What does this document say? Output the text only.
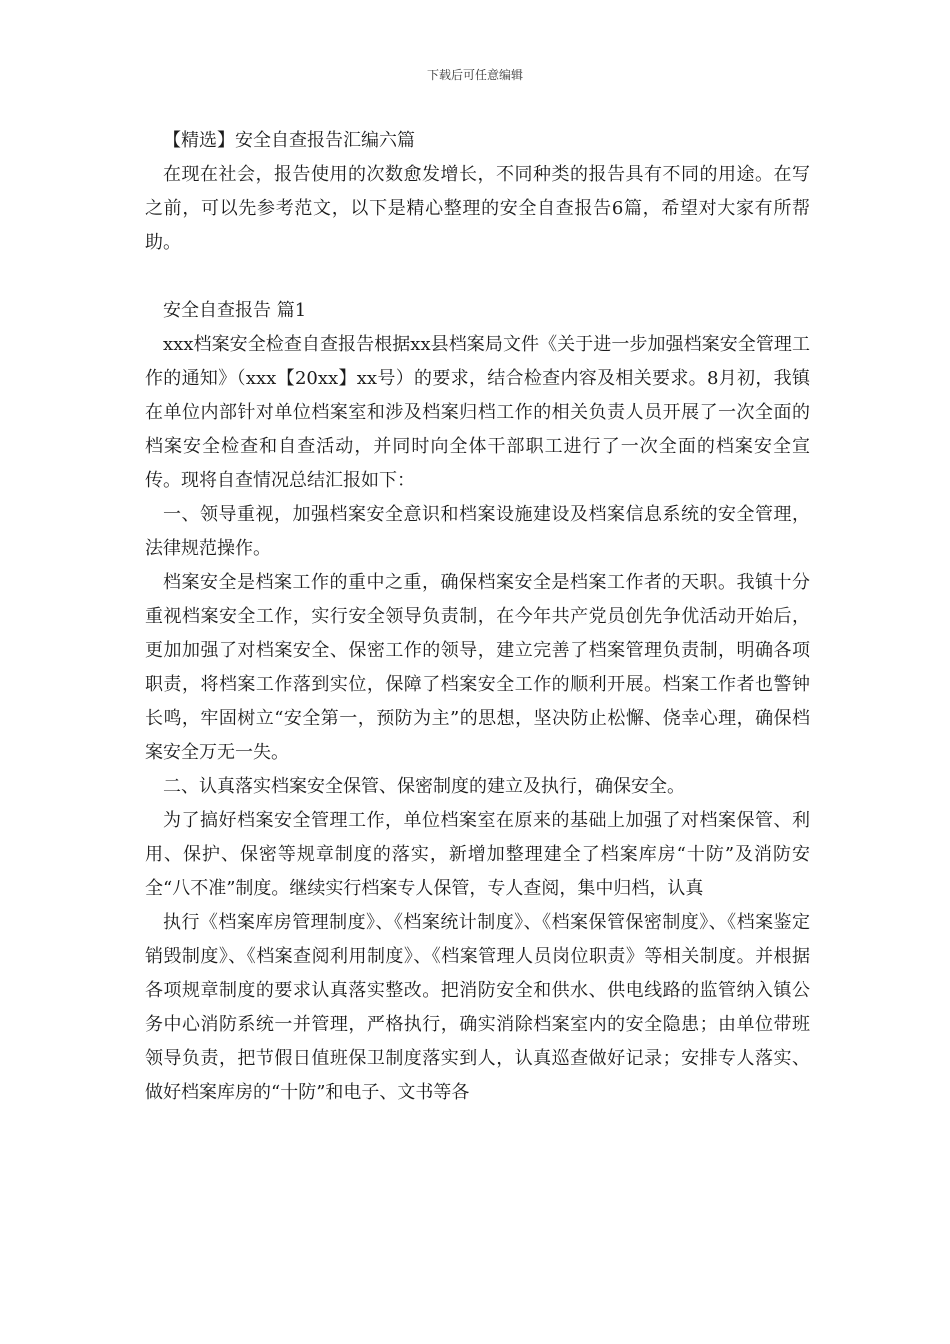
下载后可任意编辑

【精选】安全自查报告汇编六篇

在现在社会，报告使用的次数愈发增长，不同种类的报告具有不同的用途。在写之前，可以先参考范文，以下是精心整理的安全自查报告6篇，希望对大家有所帮助。

安全自查报告 篇1

xxx档案安全检查自查报告根据xx县档案局文件《关于进一步加强档案安全管理工作的通知》（xxx【20xx】xx号）的要求，结合检查内容及相关要求。8月初，我镇在单位内部针对单位档案室和涉及档案归档工作的相关负责人员开展了一次全面的档案安全检查和自查活动，并同时向全体干部职工进行了一次全面的档案安全宣传。现将自查情况总结汇报如下：

一、领导重视，加强档案安全意识和档案设施建设及档案信息系统的安全管理，法律规范操作。

档案安全是档案工作的重中之重，确保档案安全是档案工作者的天职。我镇十分重视档案安全工作，实行安全领导负责制，在今年共产党员创先争优活动开始后，更加加强了对档案安全、保密工作的领导，建立完善了档案管理负责制，明确各项职责，将档案工作落到实位，保障了档案安全工作的顺利开展。档案工作者也警钟长鸣，牢固树立“安全第一，预防为主”的思想，坚决防止松懈、侥幸心理，确保档案安全万无一失。

二、认真落实档案安全保管、保密制度的建立及执行，确保安全。

为了搞好档案安全管理工作，单位档案室在原来的基础上加强了对档案保管、利用、保护、保密等规章制度的落实，新增加整理建全了档案库房“十防”及消防安全“八不准”制度。继续实行档案专人保管，专人查阅，集中归档，认真

执行《档案库房管理制度》、《档案统计制度》、《档案保管保密制度》、《档案鉴定销毁制度》、《档案查阅利用制度》、《档案管理人员岗位职责》等相关制度。并根据各项规章制度的要求认真落实整改。把消防安全和供水、供电线路的监管纳入镇公务中心消防系统一并管理，严格执行，确实消除档案室内的安全隐患；由单位带班领导负责，把节假日值班保卫制度落实到人，认真巡查做好记录；安排专人落实、做好档案库房的“十防”和电子、文书等各
